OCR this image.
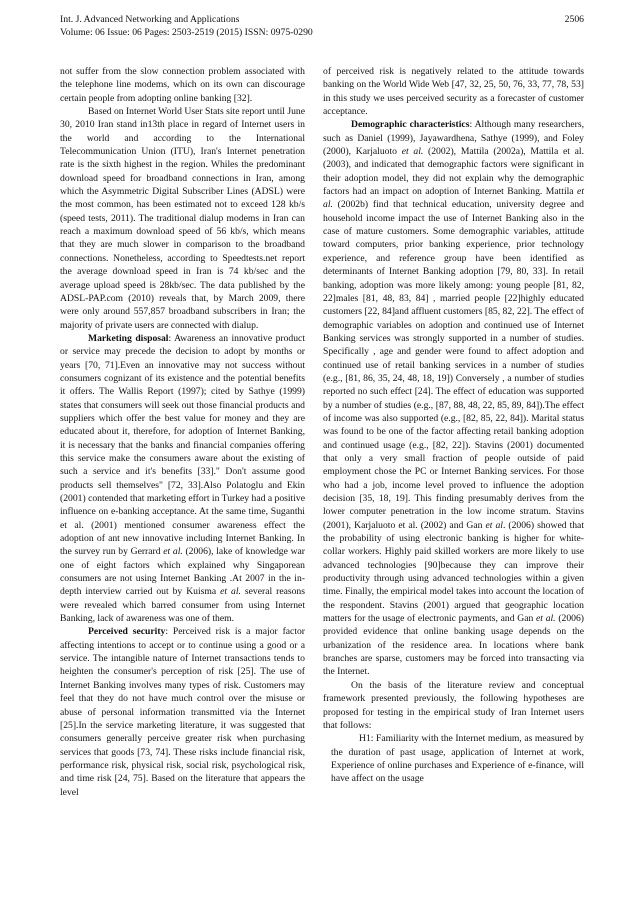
Int. J. Advanced Networking and Applications
Volume: 06 Issue: 06 Pages: 2503-2519 (2015) ISSN: 0975-0290
2506

not suffer from the slow connection problem associated with the telephone line modems, which on its own can discourage certain people from adopting online banking [32].

Based on Internet World User Stats site report until June 30, 2010 Iran stand in13th place in regard of Internet users in the world and according to the International Telecommunication Union (ITU), Iran's Internet penetration rate is the sixth highest in the region. Whiles the predominant download speed for broadband connections in Iran, among which the Asymmetric Digital Subscriber Lines (ADSL) were the most common, has been estimated not to exceed 128 kb/s (speed tests, 2011). The traditional dialup modems in Iran can reach a maximum download speed of 56 kb/s, which means that they are much slower in comparison to the broadband connections. Nonetheless, according to Speedtests.net report the average download speed in Iran is 74 kb/sec and the average upload speed is 28kb/sec. The data published by the ADSL-PAP.com (2010) reveals that, by March 2009, there were only around 557,857 broadband subscribers in Iran; the majority of private users are connected with dialup.

Marketing disposal: Awareness an innovative product or service may precede the decision to adopt by months or years [70, 71].Even an innovative may not success without consumers cognizant of its existence and the potential benefits it offers. The Wallis Report (1997); cited by Sathye (1999) states that consumers will seek out those financial products and suppliers which offer the best value for money and they are educated about it, therefore, for adoption of Internet Banking, it is necessary that the banks and financial companies offering this service make the consumers aware about the existing of such a service and it's benefits [33]." Don't assume good products sell themselves" [72, 33].Also Polatoglu and Ekin (2001) contended that marketing effort in Turkey had a positive influence on e-banking acceptance. At the same time, Suganthi et al. (2001) mentioned consumer awareness effect the adoption of ant new innovative including Internet Banking. In the survey run by Gerrard et al. (2006), lake of knowledge war one of eight factors which explained why Singaporean consumers are not using Internet Banking .At 2007 in the in-depth interview carried out by Kuisma et al. several reasons were revealed which barred consumer from using Internet Banking, lack of awareness was one of them.

Perceived security: Perceived risk is a major factor affecting intentions to accept or to continue using a good or a service. The intangible nature of Internet transactions tends to heighten the consumer's perception of risk [25]. The use of Internet Banking involves many types of risk. Customers may feel that they do not have much control over the misuse or abuse of personal information transmitted via the Internet [25].In the service marketing literature, it was suggested that consumers generally perceive greater risk when purchasing services that goods [73, 74]. These risks include financial risk, performance risk, physical risk, social risk, psychological risk, and time risk [24, 75]. Based on the literature that appears the level

of perceived risk is negatively related to the attitude towards banking on the World Wide Web [47, 32, 25, 50, 76, 33, 77, 78, 53] in this study we uses perceived security as a forecaster of customer acceptance.

Demographic characteristics: Although many researchers, such as Daniel (1999), Jayawardhena, Sathye (1999), and Foley (2000), Karjaluoto et al. (2002), Mattila (2002a), Mattila et al. (2003), and indicated that demographic factors were significant in their adoption model, they did not explain why the demographic factors had an impact on adoption of Internet Banking. Mattila et al. (2002b) find that technical education, university degree and household income impact the use of Internet Banking also in the case of mature customers. Some demographic variables, attitude toward computers, prior banking experience, prior technology experience, and reference group have been identified as determinants of Internet Banking adoption [79, 80, 33]. In retail banking, adoption was more likely among: young people [81, 82, 22]males [81, 48, 83, 84] , married people [22]highly educated customers [22, 84]and affluent customers [85, 82, 22]. The effect of demographic variables on adoption and continued use of Internet Banking services was strongly supported in a number of studies. Specifically , age and gender were found to affect adoption and continued use of retail banking services in a number of studies (e.g., [81, 86, 35, 24, 48, 18, 19]) Conversely , a number of studies reported no such effect [24]. The effect of education was supported by a number of studies (e.g., [87, 88, 48, 22, 85, 89, 84]).The effect of income was also supported (e.g., [82, 85, 22, 84]). Marital status was found to be one of the factor affecting retail banking adoption and continued usage (e.g., [82, 22]). Stavins (2001) documented that only a very small fraction of people outside of paid employment chose the PC or Internet Banking services. For those who had a job, income level proved to influence the adoption decision [35, 18, 19]. This finding presumably derives from the lower computer penetration in the low income stratum. Stavins (2001), Karjaluoto et al. (2002) and Gan et al. (2006) showed that the probability of using electronic banking is higher for white-collar workers. Highly paid skilled workers are more likely to use advanced technologies [90]because they can improve their productivity through using advanced technologies within a given time. Finally, the empirical model takes into account the location of the respondent. Stavins (2001) argued that geographic location matters for the usage of electronic payments, and Gan et al. (2006) provided evidence that online banking usage depends on the urbanization of the residence area. In locations where bank branches are sparse, customers may be forced into transacting via the Internet.

On the basis of the literature review and conceptual framework presented previously, the following hypotheses are proposed for testing in the empirical study of Iran Internet users that follows:

H1: Familiarity with the Internet medium, as measured by the duration of past usage, application of Internet at work, Experience of online purchases and Experience of e-finance, will have affect on the usage
